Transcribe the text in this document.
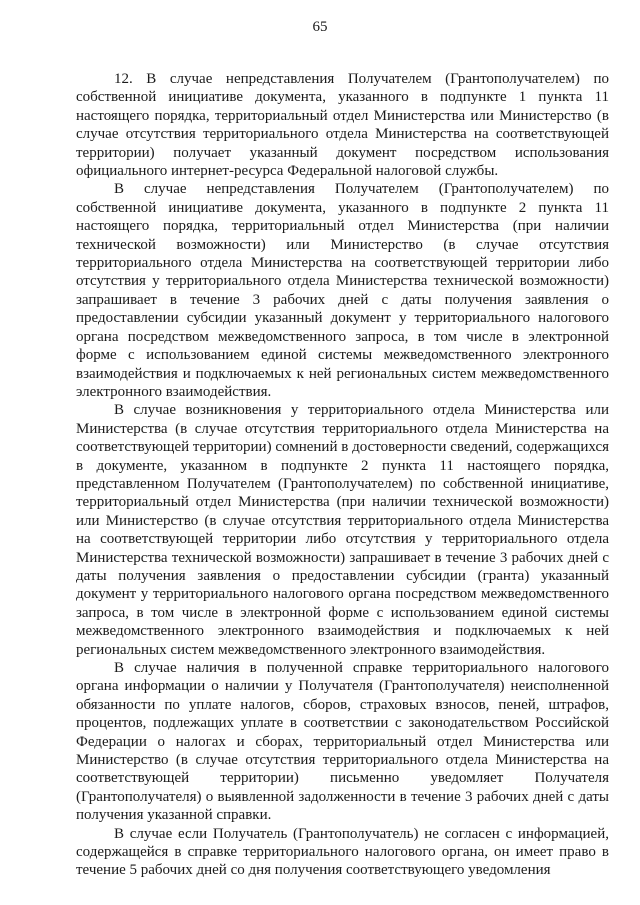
65

12. В случае непредставления Получателем (Грантополучателем) по собственной инициативе документа, указанного в подпункте 1 пункта 11 настоящего порядка, территориальный отдел Министерства или Министерство (в случае отсутствия территориального отдела Министерства на соответствующей территории) получает указанный документ посредством использования официального интернет-ресурса Федеральной налоговой службы.

В случае непредставления Получателем (Грантополучателем) по собственной инициативе документа, указанного в подпункте 2 пункта 11 настоящего порядка, территориальный отдел Министерства (при наличии технической возможности) или Министерство (в случае отсутствия территориального отдела Министерства на соответствующей территории либо отсутствия у территориального отдела Министерства технической возможности) запрашивает в течение 3 рабочих дней с даты получения заявления о предоставлении субсидии указанный документ у территориального налогового органа посредством межведомственного запроса, в том числе в электронной форме с использованием единой системы межведомственного электронного взаимодействия и подключаемых к ней региональных систем межведомственного электронного взаимодействия.

В случае возникновения у территориального отдела Министерства или Министерства (в случае отсутствия территориального отдела Министерства на соответствующей территории) сомнений в достоверности сведений, содержащихся в документе, указанном в подпункте 2 пункта 11 настоящего порядка, представленном Получателем (Грантополучателем) по собственной инициативе, территориальный отдел Министерства (при наличии технической возможности) или Министерство (в случае отсутствия территориального отдела Министерства на соответствующей территории либо отсутствия у территориального отдела Министерства технической возможности) запрашивает в течение 3 рабочих дней с даты получения заявления о предоставлении субсидии (гранта) указанный документ у территориального налогового органа посредством межведомственного запроса, в том числе в электронной форме с использованием единой системы межведомственного электронного взаимодействия и подключаемых к ней региональных систем межведомственного электронного взаимодействия.

В случае наличия в полученной справке территориального налогового органа информации о наличии у Получателя (Грантополучателя) неисполненной обязанности по уплате налогов, сборов, страховых взносов, пеней, штрафов, процентов, подлежащих уплате в соответствии с законодательством Российской Федерации о налогах и сборах, территориальный отдел Министерства или Министерство (в случае отсутствия территориального отдела Министерства на соответствующей территории) письменно уведомляет Получателя (Грантополучателя) о выявленной задолженности в течение 3 рабочих дней с даты получения указанной справки.

В случае если Получатель (Грантополучатель) не согласен с информацией, содержащейся в справке территориального налогового органа, он имеет право в течение 5 рабочих дней со дня получения соответствующего уведомления
